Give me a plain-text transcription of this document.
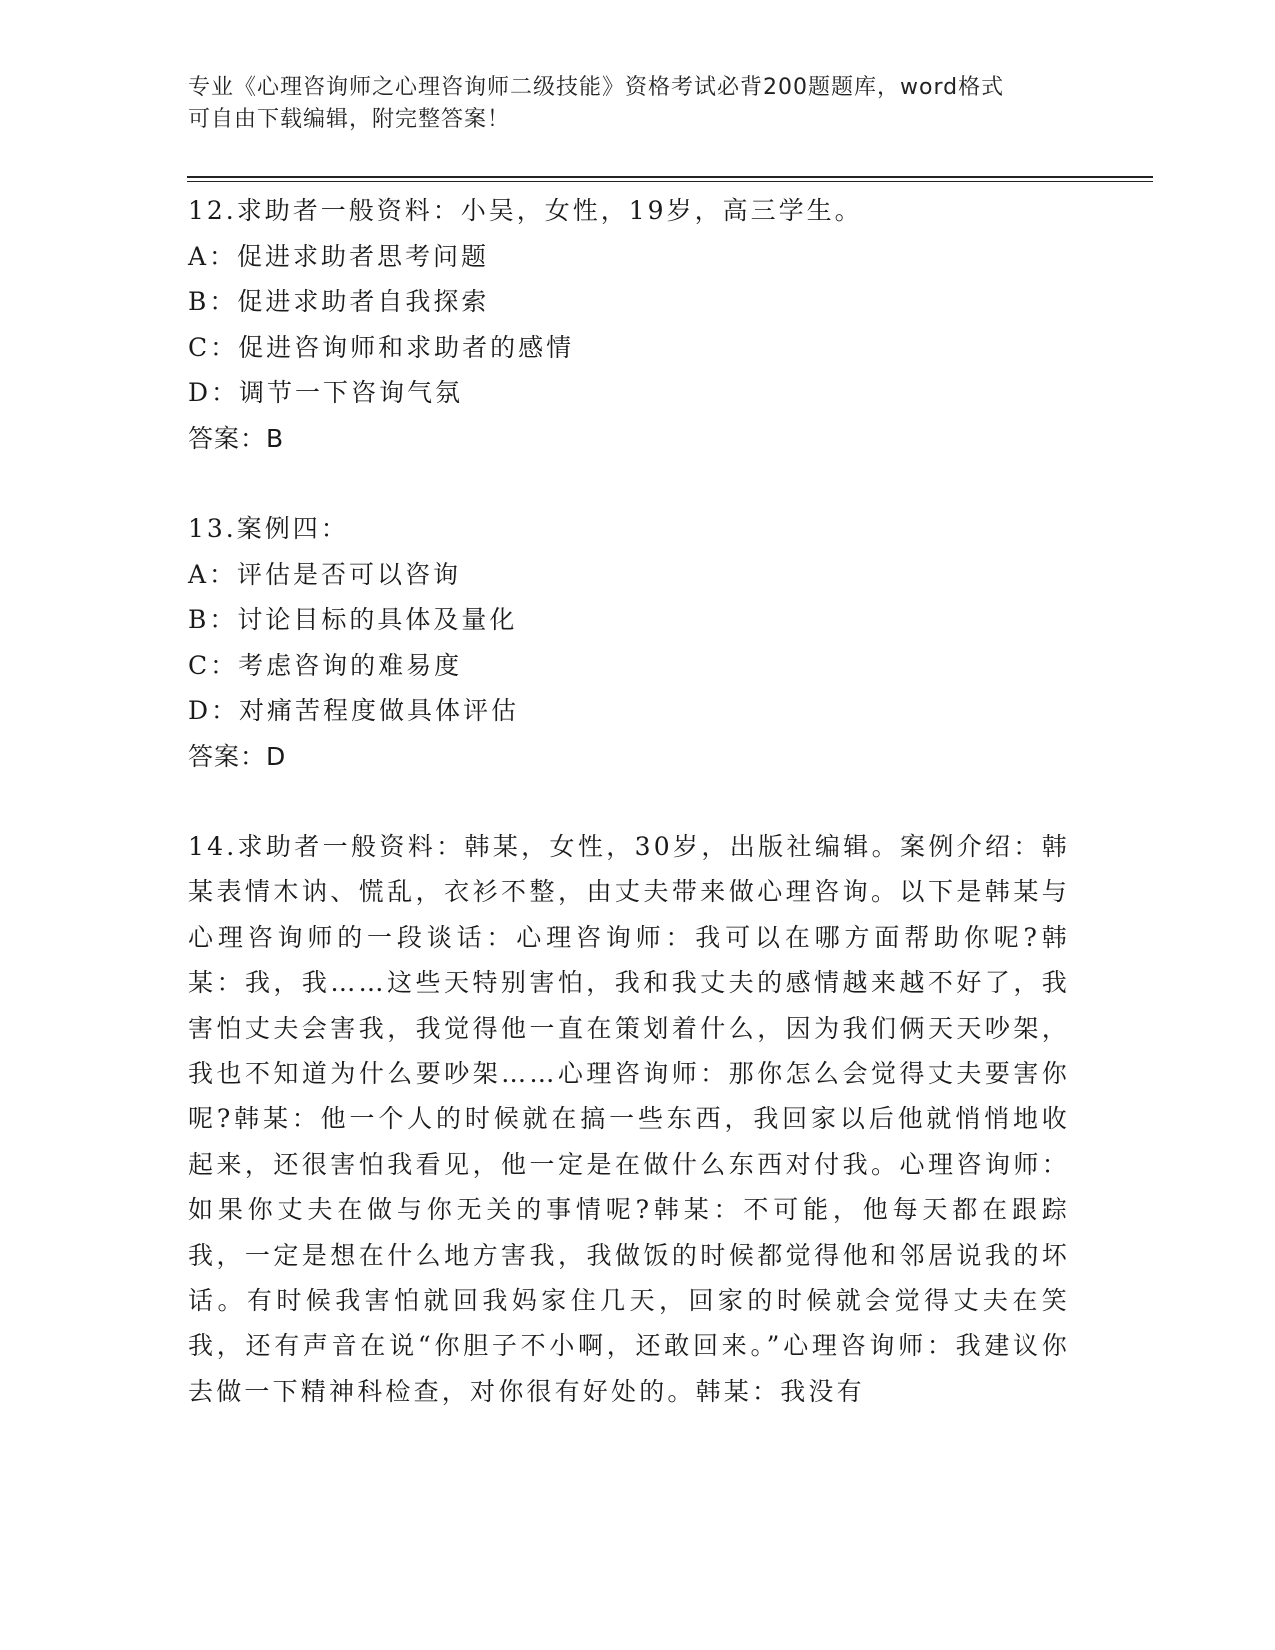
专业《心理咨询师之心理咨询师二级技能》资格考试必背200题题库，word格式
可自由下载编辑，附完整答案！
12.求助者一般资料：小吴，女性，19岁，高三学生。
A：促进求助者思考问题
B：促进求助者自我探索
C：促进咨询师和求助者的感情
D：调节一下咨询气氛
答案：B
13.案例四：
A：评估是否可以咨询
B：讨论目标的具体及量化
C：考虑咨询的难易度
D：对痛苦程度做具体评估
答案：D
14.求助者一般资料：韩某，女性，30岁，出版社编辑。案例介绍：韩某表情木讷、慌乱，衣衫不整，由丈夫带来做心理咨询。以下是韩某与心理咨询师的一段谈话：心理咨询师：我可以在哪方面帮助你呢?韩某：我，我……这些天特别害怕，我和我丈夫的感情越来越不好了，我害怕丈夫会害我，我觉得他一直在策划着什么，因为我们俩天天吵架，我也不知道为什么要吵架……心理咨询师：那你怎么会觉得丈夫要害你呢?韩某：他一个人的时候就在搞一些东西，我回家以后他就悄悄地收起来，还很害怕我看见，他一定是在做什么东西对付我。心理咨询师：如果你丈夫在做与你无关的事情呢?韩某：不可能，他每天都在跟踪我，一定是想在什么地方害我，我做饭的时候都觉得他和邻居说我的坏话。有时候我害怕就回我妈家住几天，回家的时候就会觉得丈夫在笑我，还有声音在说“你胆子不小啊，还敢回来。”心理咨询师：我建议你去做一下精神科检查，对你很有好处的。韩某：我没有
